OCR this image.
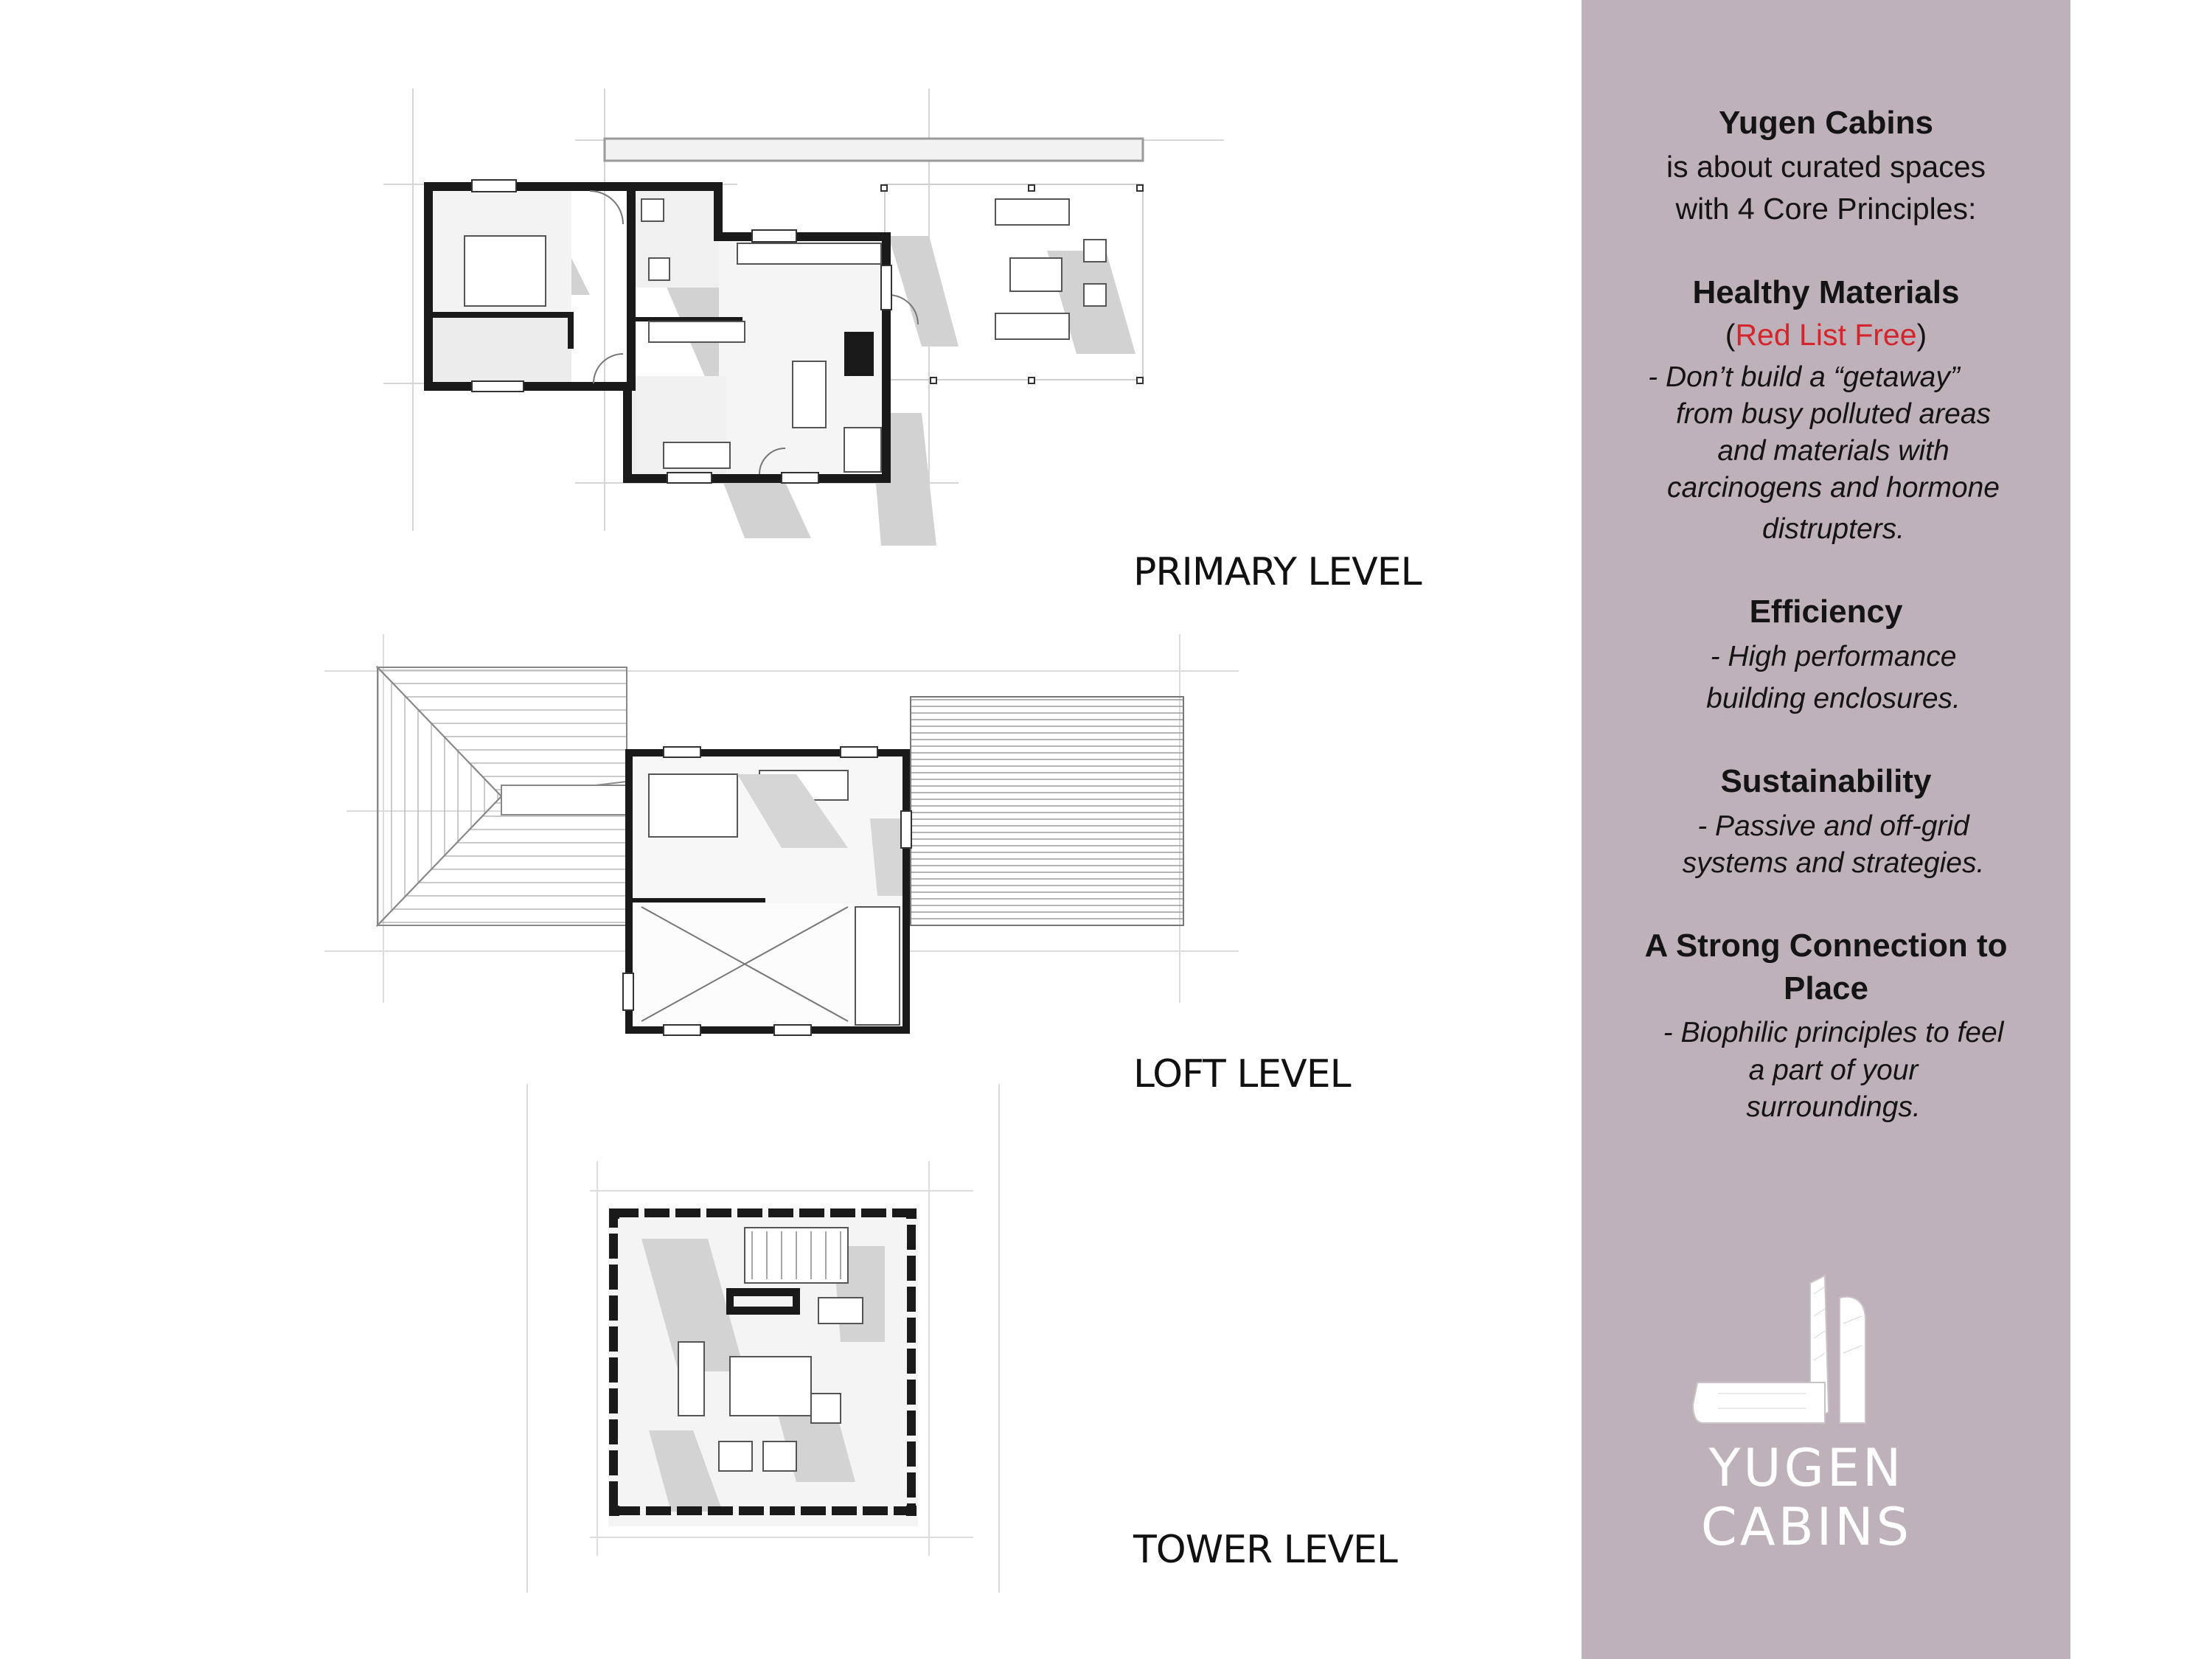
PRIMARY LEVEL
LOFT LEVEL
TOWER LEVEL
Yugen Cabins
is about curated spaces
with 4 Core Principles:
Healthy Materials
(Red List Free)
- Don’t build a “getaway”
from busy polluted areas
and materials with
carcinogens and hormone
distrupters.
Efficiency
- High performance
building enclosures.
Sustainability
- Passive and off-grid
systems and strategies.
A Strong Connection to
Place
- Biophilic principles to feel
a part of your
surroundings.
YUGEN
CABINS
